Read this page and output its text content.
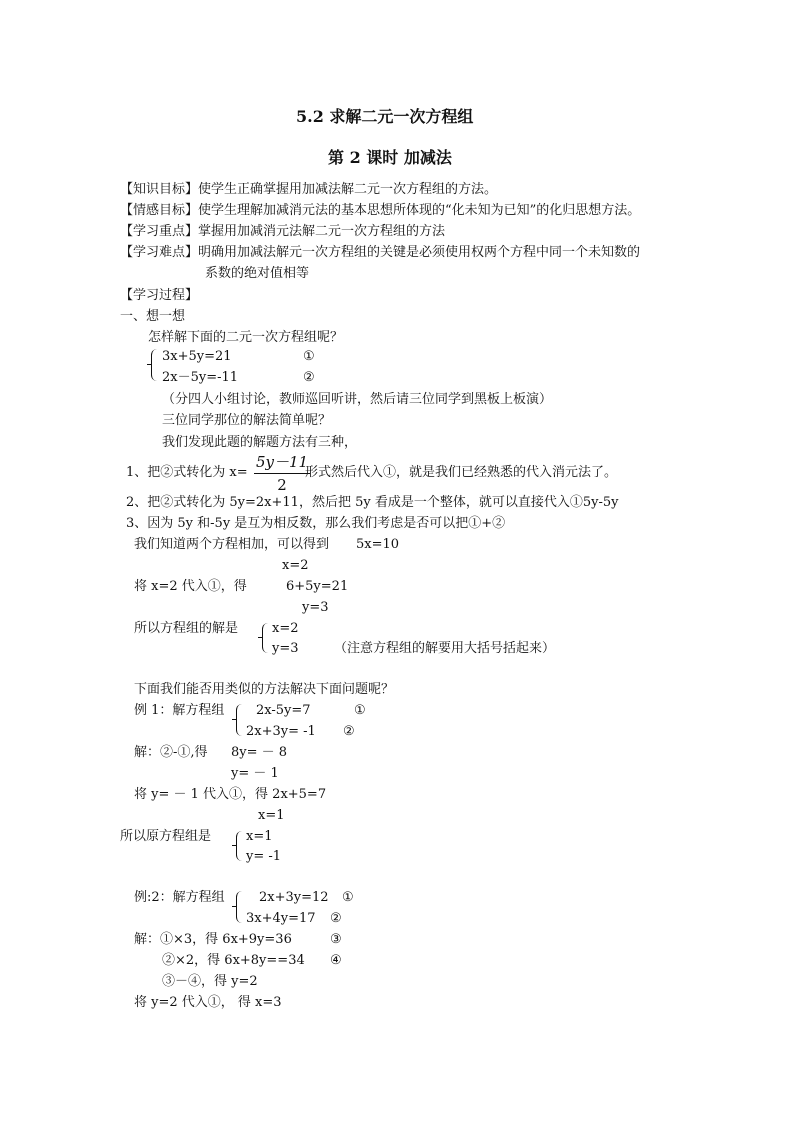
5.2 求解二元一次方程组
第 2 课时 加减法
【知识目标】使学生正确掌握用加减法解二元一次方程组的方法。
【情感目标】使学生理解加减消元法的基本思想所体现的“化未知为已知”的化归思想方法。
【学习重点】掌握用加减消元法解二元一次方程组的方法
【学习难点】明确用加减法解元一次方程组的关键是必须使用权两个方程中同一个未知数的
系数的绝对值相等
【学习过程】
一、想一想
怎样解下面的二元一次方程组呢？
3x+5y=21	①
2x－5y=-11	②
（分四人小组讨论，教师巡回听讲，然后请三位同学到黑板上板演）
三位同学那位的解法简单呢？
我们发现此题的解题方法有三种，
1、把②式转化为 $x= \frac{5y-11}{2}$
形式然后代入①，就是我们已经熟悉的代入消元法了。
2、把②式转化为 5y=2x+11，然后把 5y 看成是一个整体，就可以直接代入①5y-5y
3、因为 5y 和-5y 是互为相反数，那么我们考虑是否可以把①+②
我们知道两个方程相加，可以得到 5x=10
x=2
将 x=2 代入①，得	6+5y=21
y=3
所以方程组的解是	x=2
y=3	（注意方程组的解要用大括号括起来）
下面我们能否用类似的方法解决下面问题呢？
例 1：解方程组 2x-5y=7	①
2x+3y= -1 ②
解：②-①,得 8y= － 8
y= － 1
将 y= － 1 代入①，得 2x+5=7
x=1
所以原方程组是	x=1
y= -1
例:2：解方程组	2x+3y=12 ①
3x+4y=17 ②
解：①×3，得 6x+9y=36	③
②×2，得 6x+8y==34 ④
③－④，得 y=2
将 y=2 代入①， 得 x=3
